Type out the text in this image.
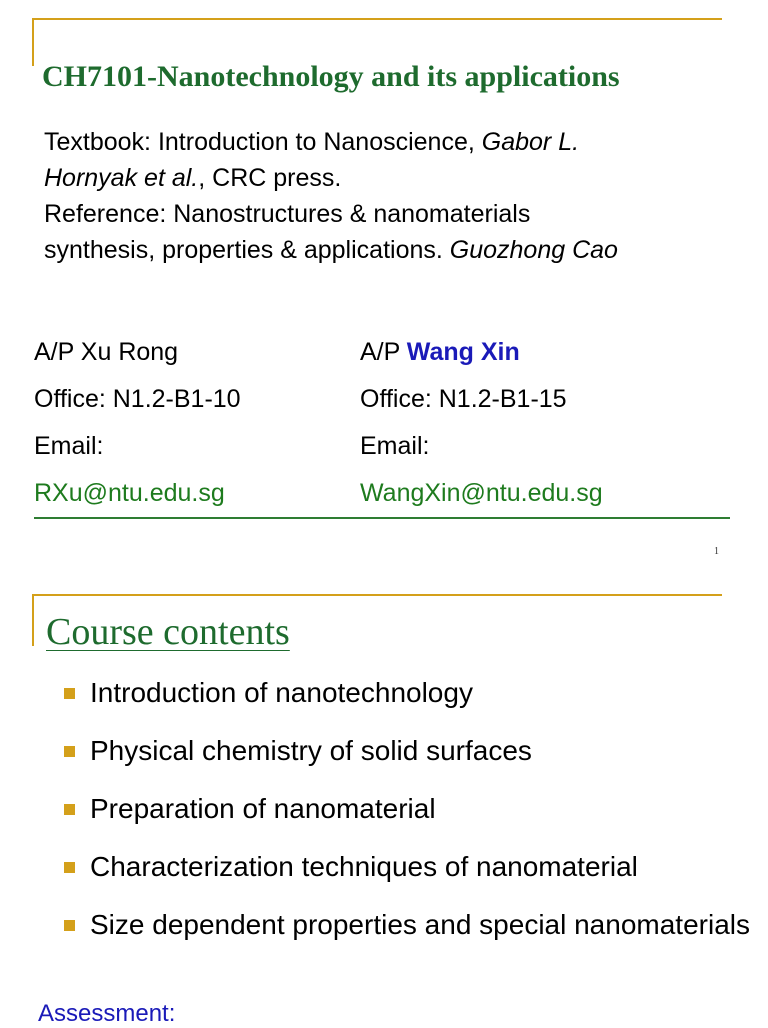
CH7101-Nanotechnology and its applications
Textbook: Introduction to Nanoscience, Gabor L.
Hornyak et al., CRC press.
Reference: Nanostructures & nanomaterials
synthesis, properties & applications. Guozhong Cao
A/P Xu Rong
Office: N1.2-B1-10
Email:
RXu@ntu.edu.sg
A/P Wang Xin
Office: N1.2-B1-15
Email:
WangXin@ntu.edu.sg
1
Course contents
Introduction of nanotechnology
Physical chemistry of solid surfaces
Preparation of nanomaterial
Characterization techniques of nanomaterial
Size dependent properties and special nanomaterials
Assessment:
